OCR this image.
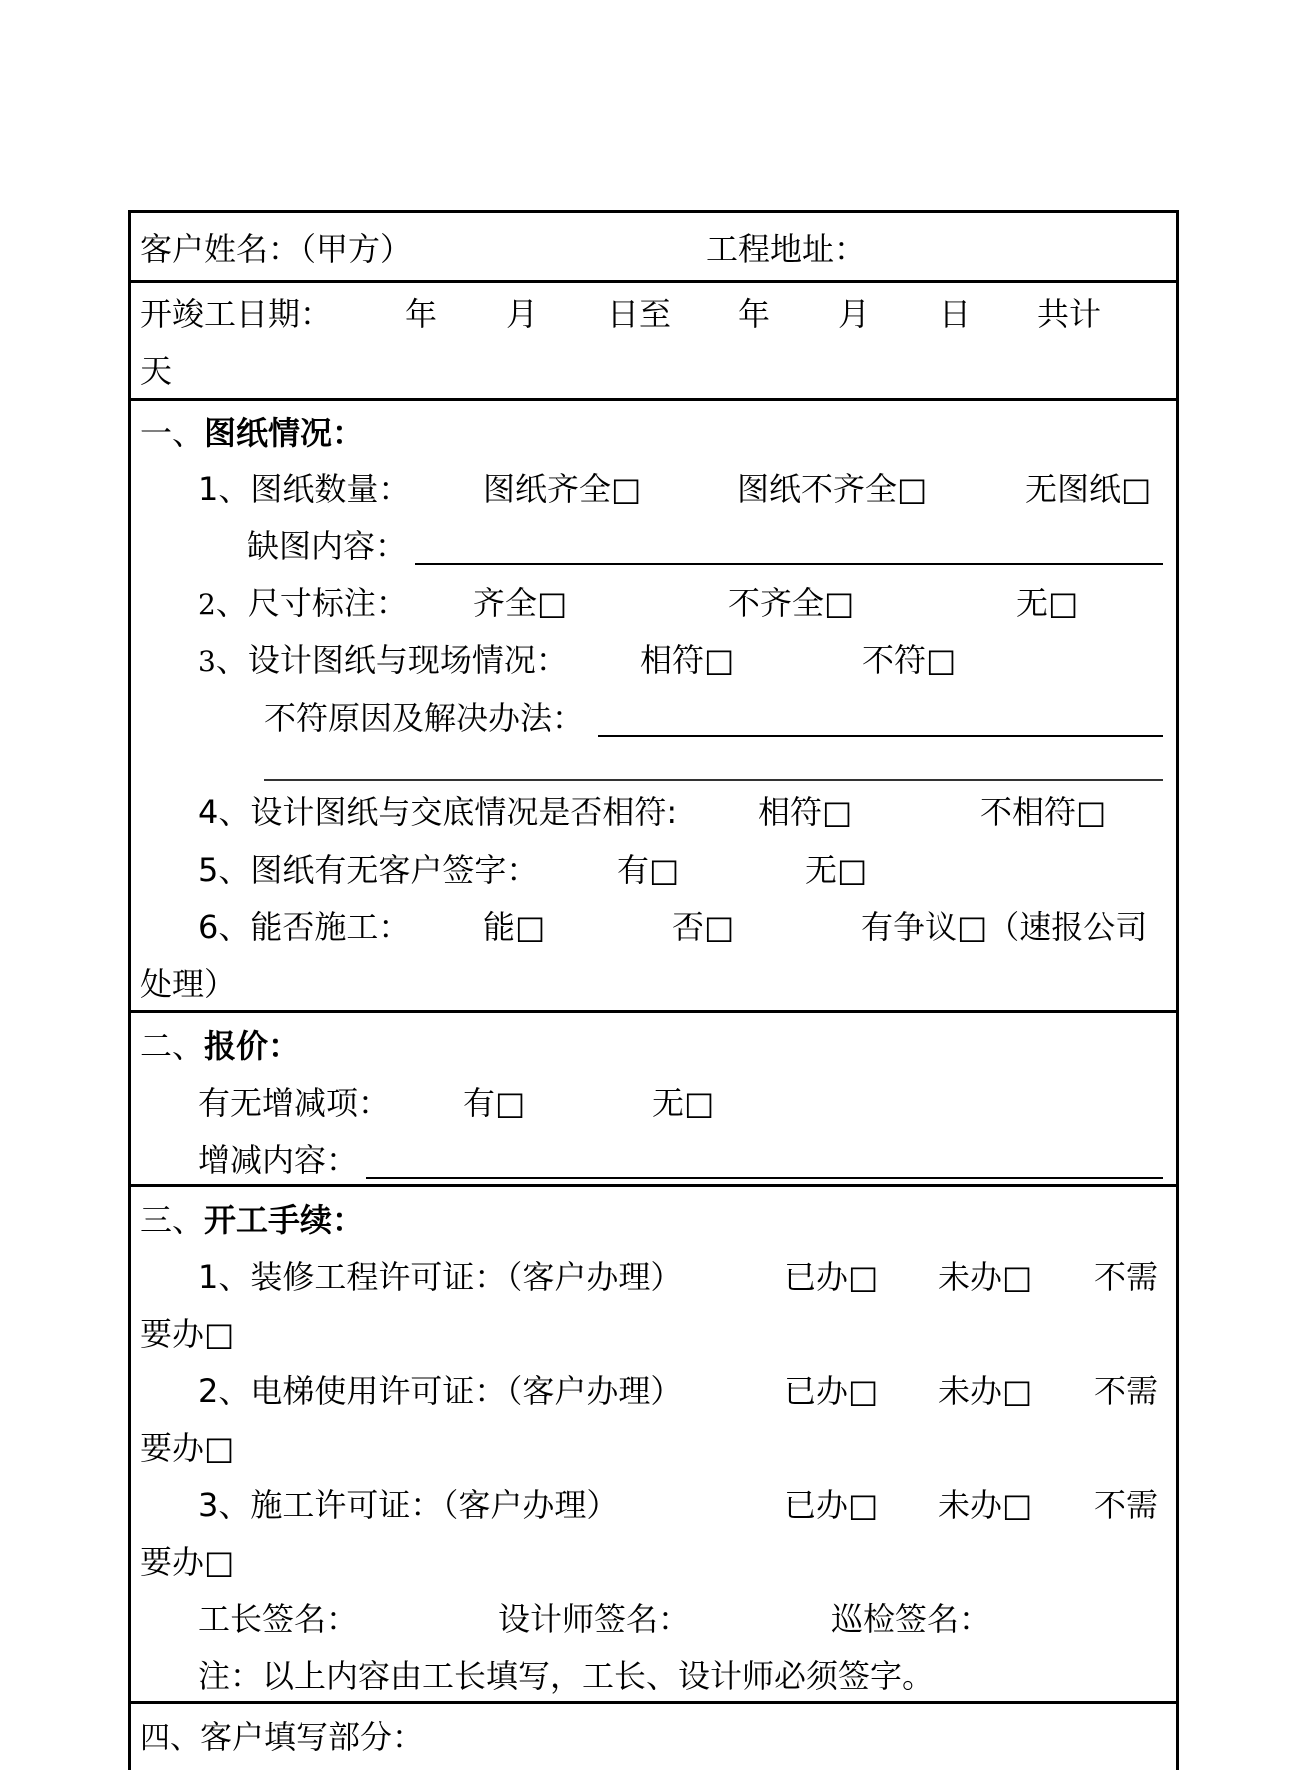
客户姓名：（甲方）	工程地址：
开竣工日期： 年 月 日至 年 月 日 共计
天
一、图纸情况：
1、图纸数量： 图纸齐全□	图纸不齐全□	无图纸□
缺图内容：
2、尺寸标注： 齐全□	不齐全□	无□
3、设计图纸与现场情况： 相符□	不符□
不符原因及解决办法：
4、设计图纸与交底情况是否相符:	相符□	不相符□
5、图纸有无客户签字： 有□	无□
6、能否施工： 能□	否□	有争议□（速报公司
处理）
二、报价：
有无增减项： 有□	无□
增减内容：
三、开工手续：
1、装修工程许可证：（客户办理）	已办□ 未办□ 不需
要办□
2、电梯使用许可证：（客户办理）	已办□ 未办□ 不需
要办□
3、施工许可证：（客户办理）	已办□ 未办□ 不需
要办□
工长签名：	设计师签名：	巡检签名：
注：以上内容由工长填写，工长、设计师必须签字。
四、客户填写部分：
